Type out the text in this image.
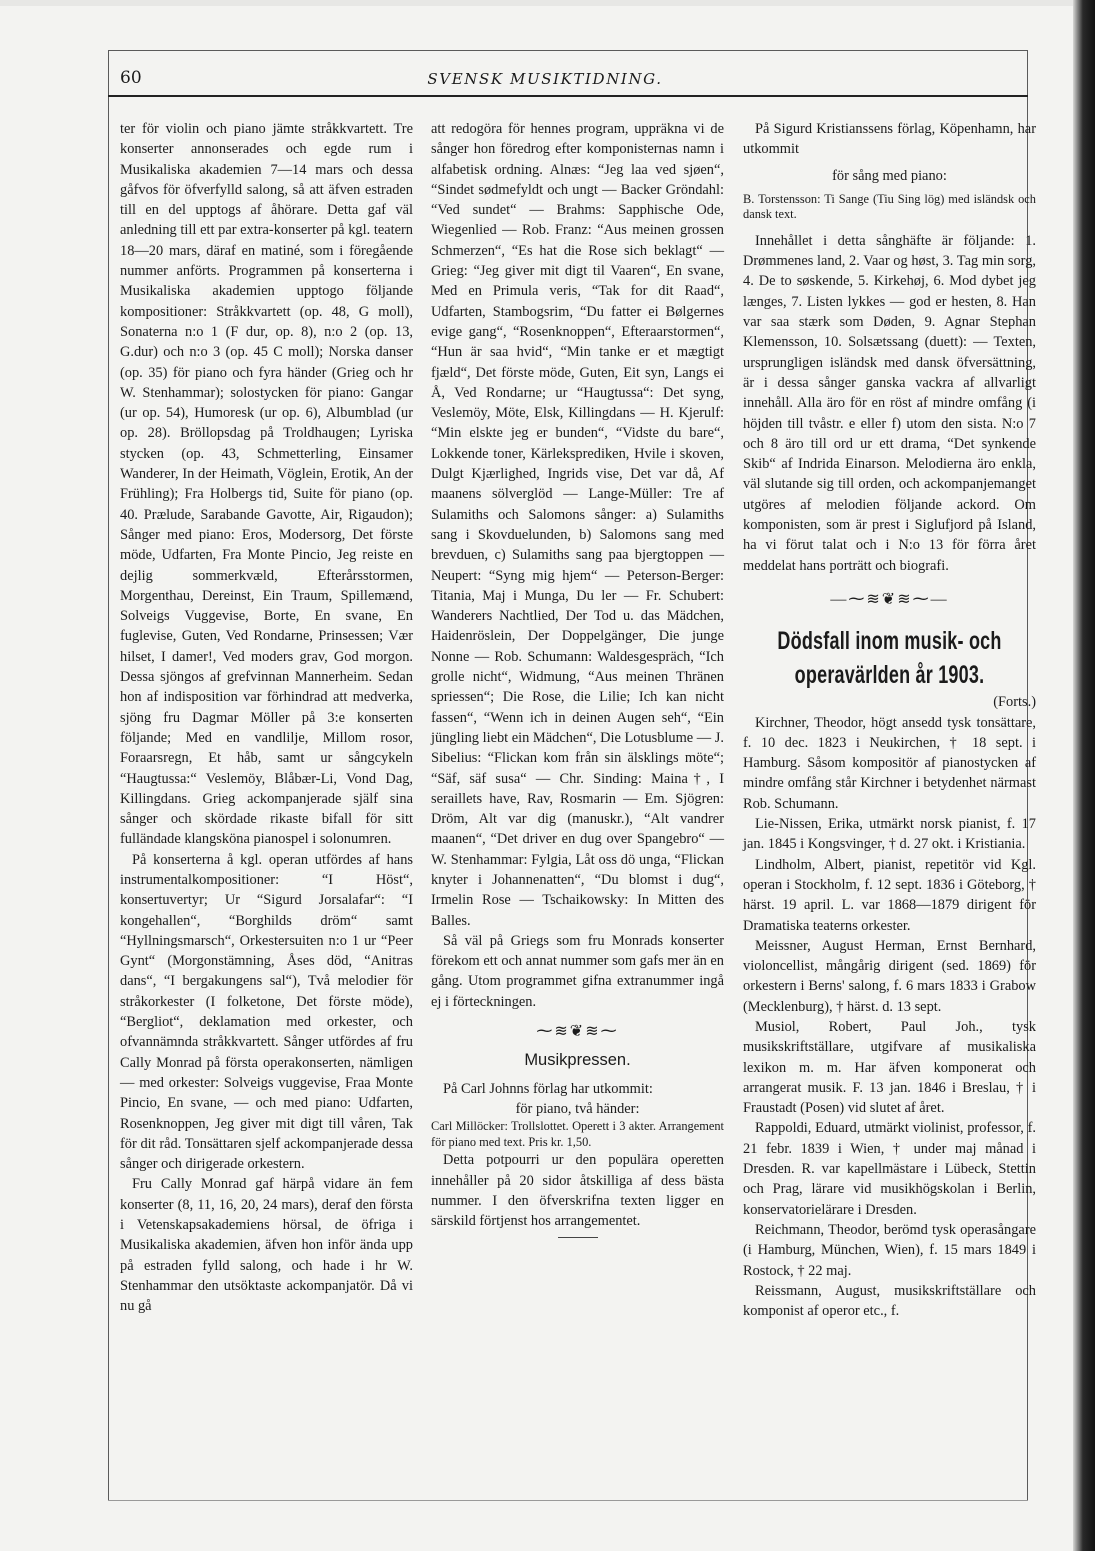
60	SVENSK MUSIKTIDNING.

ter för violin och piano jämte stråkkvartett. Tre konserter annonserades och egde rum i Musikaliska akademien 7—14 mars och dessa gåfvos för öfverfylld salong, så att äfven estraden till en del upptogs af åhörare. Detta gaf väl anledning till ett par extra-konserter på kgl. teatern 18—20 mars, däraf en matiné, som i föregående nummer anförts. Programmen på konserterna i Musikaliska akademien upptogo följande kompositioner: Stråkkvartett (op. 48, G moll), Sonaterna n:o 1 (F dur, op. 8), n:o 2 (op. 13, G.dur) och n:o 3 (op. 45 C moll); Norska danser (op. 35) för piano och fyra händer (Grieg och hr W. Stenhammar); solostycken för piano: Gangar (ur op. 54), Humoresk (ur op. 6), Albumblad (ur op. 28). Bröllopsdag på Troldhaugen; Lyriska stycken (op. 43, Schmetterling, Einsamer Wanderer, In der Heimath, Vöglein, Erotik, An der Frühling); Fra Holbergs tid, Suite för piano (op. 40. Prælude, Sarabande Gavotte, Air, Rigaudon); Sånger med piano: Eros, Modersorg, Det förste möde, Udfarten, Fra Monte Pincio, Jeg reiste en dejlig sommerkvæld, Efterårsstormen, Morgenthau, Dereinst, Ein Traum, Spillemænd, Solveigs Vuggevise, Borte, En svane, En fuglevise, Guten, Ved Rondarne, Prinsessen; Vær hilset, I damer!, Ved moders grav, God morgon. Dessa sjöngos af grefvinnan Mannerheim. Sedan hon af indisposition var förhindrad att medverka, sjöng fru Dagmar Möller på 3:e konserten följande; Med en vandlilje, Millom rosor, Foraarsregn, Et håb, samt ur sångcykeln “Haugtussa:“ Veslemöy, Blåbær-Li, Vond Dag, Killingdans. Grieg ackompanjerade själf sina sånger och skördade rikaste bifall för sitt fulländade klangsköna pianospel i solonumren.

På konserterna å kgl. operan utfördes af hans instrumentalkompositioner: “I Höst“, konsertuvertyr; Ur “Sigurd Jorsalafar“: “I kongehallen“, “Borghilds dröm“ samt “Hyllningsmarsch“, Orkestersuiten n:o 1 ur “Peer Gynt“ (Morgonstämning, Åses död, “Anitras dans“, “I bergakungens sal“), Två melodier för stråkorkester (I folketone, Det förste möde), “Bergliot“, deklamation med orkester, och ofvannämnda stråkkvartett. Sånger utfördes af fru Cally Monrad på första operakonserten, nämligen — med orkester: Solveigs vuggevise, Fraa Monte Pincio, En svane, — och med piano: Udfarten, Rosenknoppen, Jeg giver mit digt till våren, Tak för dit råd. Tonsättaren sjelf ackompanjerade dessa sånger och dirigerade orkestern.

Fru Cally Monrad gaf härpå vidare än fem konserter (8, 11, 16, 20, 24 mars), deraf den första i Vetenskapsakademiens hörsal, de öfriga i Musikaliska akademien, äfven hon inför ända upp på estraden fylld salong, och hade i hr W. Stenhammar den utsöktaste ackompanjatör. Då vi nu gå

att redogöra för hennes program, uppräkna vi de sånger hon föredrog efter komponisternas namn i alfabetisk ordning. Alnæs: “Jeg laa ved sjøen“, “Sindet sødmefyldt och ungt — Backer Gröndahl: “Ved sundet“ — Brahms: Sapphische Ode, Wiegenlied — Rob. Franz: “Aus meinen grossen Schmerzen“, “Es hat die Rose sich beklagt“ — Grieg: “Jeg giver mit digt til Vaaren“, En svane, Med en Primula veris, “Tak for dit Raad“, Udfarten, Stambogsrim, “Du fatter ei Bølgernes evige gang“, “Rosenknoppen“, Efteraarstormen“, “Hun är saa hvid“, “Min tanke er et mægtigt fjæld“, Det förste möde, Guten, Eit syn, Langs ei Å, Ved Rondarne; ur “Haugtussa“: Det syng, Veslemöy, Möte, Elsk, Killingdans — H. Kjerulf: “Min elskte jeg er bunden“, “Vidste du bare“, Lokkende toner, Kärleksprediken, Hvile i skoven, Dulgt Kjærlighed, Ingrids vise, Det var då, Af maanens sölverglöd — Lange-Müller: Tre af Sulamiths och Salomons sånger: a) Sulamiths sang i Skovduelunden, b) Salomons sang med brevduen, c) Sulamiths sang paa bjergtoppen — Neupert: “Syng mig hjem“ — Peterson-Berger: Titania, Maj i Munga, Du ler — Fr. Schubert: Wanderers Nachtlied, Der Tod u. das Mädchen, Haidenröslein, Der Doppelgänger, Die junge Nonne — Rob. Schumann: Waldesgespräch, “Ich grolle nicht“, Widmung, “Aus meinen Thränen spriessen“; Die Rose, die Lilie; Ich kan nicht fassen“, “Wenn ich in deinen Augen seh“, “Ein jüngling liebt ein Mädchen“, Die Lotusblume — J. Sibelius: “Flickan kom från sin älsklings möte“; “Säf, säf susa“ — Chr. Sinding: Maina†, I seraillets have, Rav, Rosmarin — Em. Sjögren: Dröm, Alt var dig (manuskr.), “Alt vandrer maanen“, “Det driver en dug over Spangebro“ — W. Stenhammar: Fylgia, Låt oss dö unga, “Flickan knyter i Johannenatten“, “Du blomst i dug“, Irmelin Rose — Tschaikowsky: In Mitten des Balles.

Så väl på Griegs som fru Monrads konserter förekom ett och annat nummer som gafs mer än en gång. Utom programmet gifna extranummer ingå ej i förteckningen.

⁓≋❦≋⁓
Musikpressen.

På Carl Johnns förlag har utkommit:

för piano, två händer:

Carl Millöcker: Trollslottet. Operett i 3 akter. Arrangement för piano med text. Pris kr. 1,50.

Detta potpourri ur den populära operetten innehåller på 20 sidor åtskilliga af dess bästa nummer. I den öfverskrifna texten ligger en särskild förtjenst hos arrangementet.

På Sigurd Kristianssens förlag, Köpenhamn, har utkommit

för sång med piano:

B. Torstensson: Ti Sange (Tiu Sing lög) med isländsk och dansk text.

Innehållet i detta sånghäfte är följande: 1. Drømmenes land, 2. Vaar og høst, 3. Tag min sorg, 4. De to søskende, 5. Kirkehøj, 6. Mod dybet jeg længes, 7. Listen lykkes — god er hesten, 8. Han var saa stærk som Døden, 9. Agnar Stephan Klemensson, 10. Solsætssang (duett): — Texten, ursprungligen isländsk med dansk öfversättning, är i dessa sånger ganska vackra af allvarligt innehåll. Alla äro för en röst af mindre omfång (i höjden till tvåstr. e eller f) utom den sista. N:o 7 och 8 äro till ord ur ett drama, “Det synkende Skib“ af Indrida Einarson. Melodierna äro enkla, väl slutande sig till orden, och ackompanjemanget utgöres af melodien följande ackord. Om komponisten, som är prest i Siglufjord på Island, ha vi förut talat och i N:o 13 för förra året meddelat hans porträtt och biografi.

—⁓≋❦≋⁓—
Dödsfall inom musik- och
operavärlden år 1903.

(Forts.)

Kirchner, Theodor, högt ansedd tysk tonsättare, f. 10 dec. 1823 i Neukirchen, † 18 sept. i Hamburg. Såsom kompositör af pianostycken af mindre omfång står Kirchner i betydenhet närmast Rob. Schumann.

Lie-Nissen, Erika, utmärkt norsk pianist, f. 17 jan. 1845 i Kongsvinger, † d. 27 okt. i Kristiania.

Lindholm, Albert, pianist, repetitör vid Kgl. operan i Stockholm, f. 12 sept. 1836 i Göteborg, † härst. 19 april. L. var 1868—1879 dirigent för Dramatiska teaterns orkester.

Meissner, August Herman, Ernst Bernhard, violoncellist, mångårig dirigent (sed. 1869) för orkestern i Berns' salong, f. 6 mars 1833 i Grabow (Mecklenburg), † härst. d. 13 sept.

Musiol, Robert, Paul Joh., tysk musikskriftställare, utgifvare af musikaliska lexikon m. m. Har äfven komponerat och arrangerat musik. F. 13 jan. 1846 i Breslau, † i Fraustadt (Posen) vid slutet af året.

Rappoldi, Eduard, utmärkt violinist, professor, f. 21 febr. 1839 i Wien, † under maj månad i Dresden. R. var kapellmästare i Lübeck, Stettin och Prag, lärare vid musikhögskolan i Berlin, konservatorielärare i Dresden.

Reichmann, Theodor, berömd tysk operasångare (i Hamburg, München, Wien), f. 15 mars 1849 i Rostock, † 22 maj.

Reissmann, August, musikskriftställare och komponist af operor etc., f.
